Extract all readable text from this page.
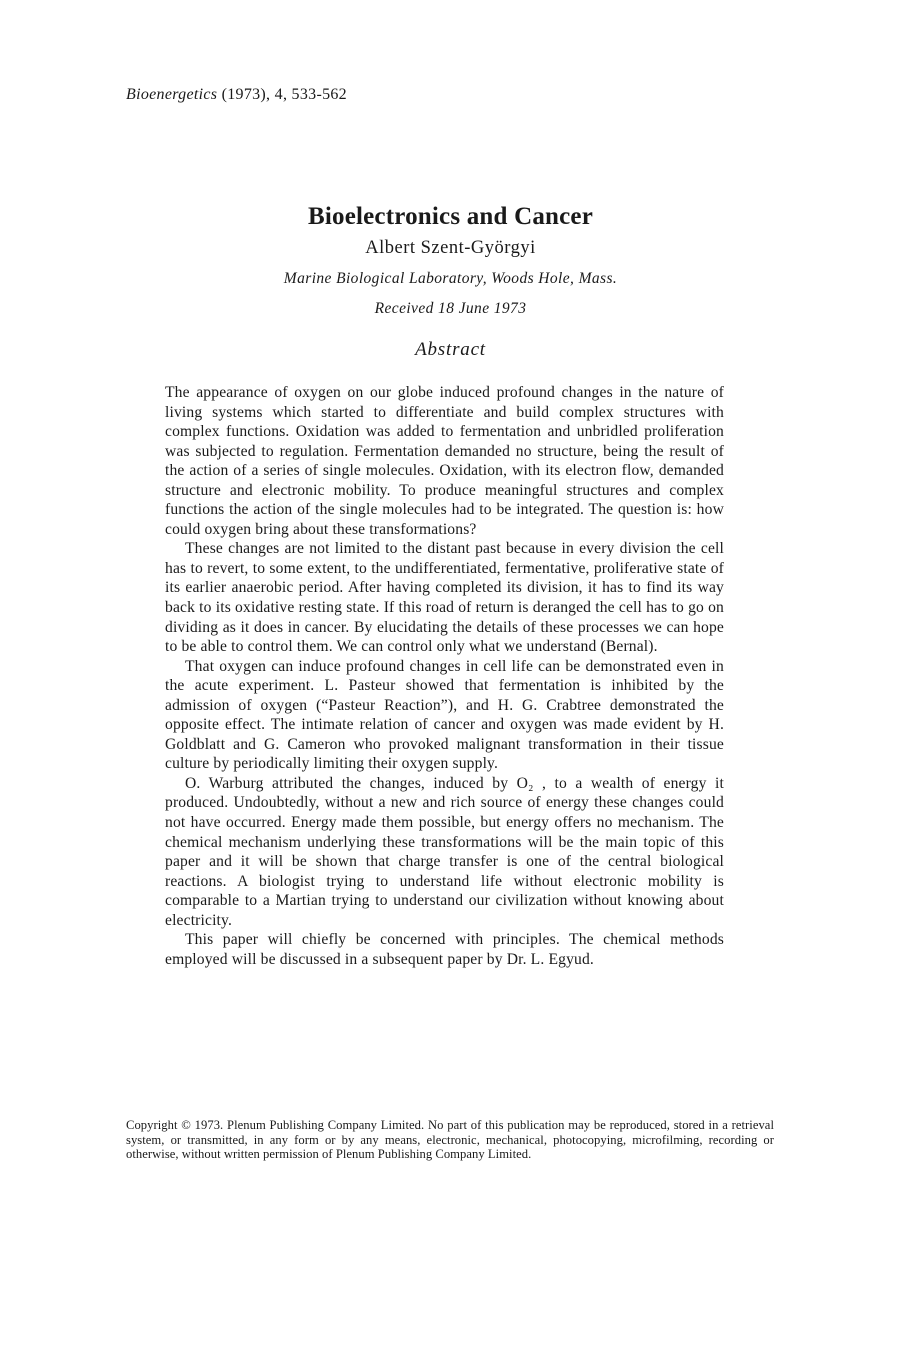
Bioenergetics (1973), 4, 533-562
Bioelectronics and Cancer
Albert Szent-Györgyi
Marine Biological Laboratory, Woods Hole, Mass.
Received 18 June 1973
Abstract

The appearance of oxygen on our globe induced profound changes in the nature of living systems which started to differentiate and build complex structures with complex functions. Oxidation was added to fermentation and unbridled proliferation was subjected to regulation. Fermentation demanded no structure, being the result of the action of a series of single molecules. Oxidation, with its electron flow, demanded structure and electronic mobility. To produce meaningful structures and complex functions the action of the single molecules had to be integrated. The question is: how could oxygen bring about these transformations?

These changes are not limited to the distant past because in every division the cell has to revert, to some extent, to the undifferentiated, fermentative, proliferative state of its earlier anaerobic period. After having completed its division, it has to find its way back to its oxidative resting state. If this road of return is deranged the cell has to go on dividing as it does in cancer. By elucidating the details of these processes we can hope to be able to control them. We can control only what we understand (Bernal).

That oxygen can induce profound changes in cell life can be demonstrated even in the acute experiment. L. Pasteur showed that fermentation is inhibited by the admission of oxygen (“Pasteur Reaction”), and H. G. Crabtree demonstrated the opposite effect. The intimate relation of cancer and oxygen was made evident by H. Goldblatt and G. Cameron who provoked malignant transformation in their tissue culture by periodically limiting their oxygen supply.

O. Warburg attributed the changes, induced by O₂ , to a wealth of energy it produced. Undoubtedly, without a new and rich source of energy these changes could not have occurred. Energy made them possible, but energy offers no mechanism. The chemical mechanism underlying these transformations will be the main topic of this paper and it will be shown that charge transfer is one of the central biological reactions. A biologist trying to understand life without electronic mobility is comparable to a Martian trying to understand our civilization without knowing about electricity.

This paper will chiefly be concerned with principles. The chemical methods employed will be discussed in a subsequent paper by Dr. L. Egyud.

Copyright © 1973. Plenum Publishing Company Limited. No part of this publication may be reproduced, stored in a retrieval system, or transmitted, in any form or by any means, electronic, mechanical, photocopying, microfilming, recording or otherwise, without written permission of Plenum Publishing Company Limited.
